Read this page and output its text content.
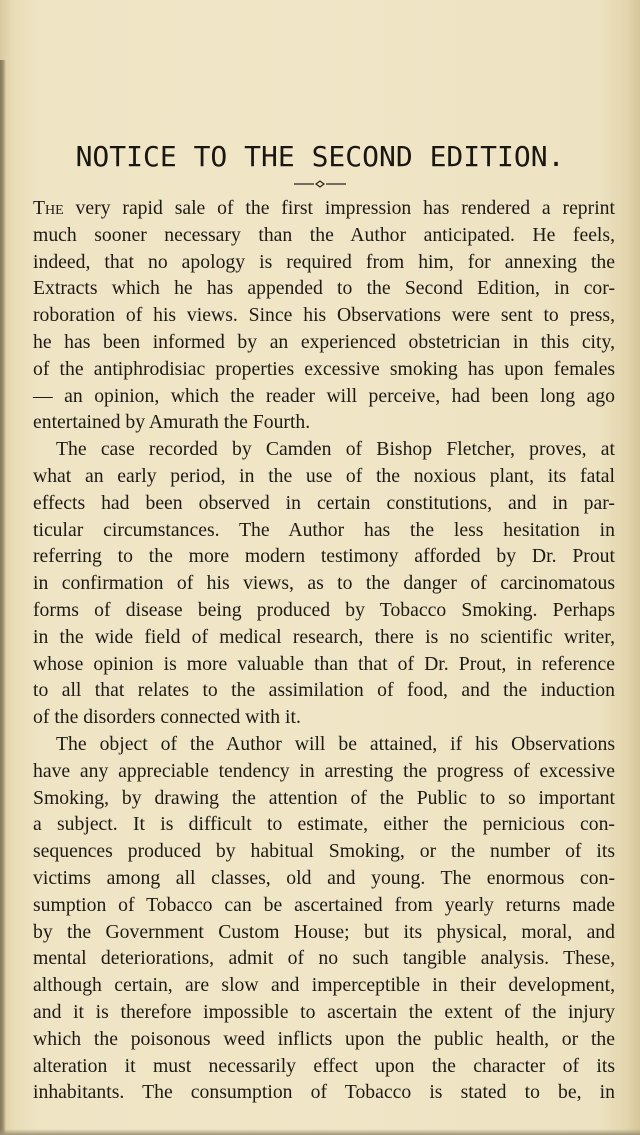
NOTICE TO THE SECOND EDITION.
The very rapid sale of the first impression has rendered a reprint
much sooner necessary than the Author anticipated. He feels,
indeed, that no apology is required from him, for annexing the
Extracts which he has appended to the Second Edition, in cor-
roboration of his views. Since his Observations were sent to press,
he has been informed by an experienced obstetrician in this city,
of the antiphrodisiac properties excessive smoking has upon females
— an opinion, which the reader will perceive, had been long ago
entertained by Amurath the Fourth.
The case recorded by Camden of Bishop Fletcher, proves, at
what an early period, in the use of the noxious plant, its fatal
effects had been observed in certain constitutions, and in par-
ticular circumstances. The Author has the less hesitation in
referring to the more modern testimony afforded by Dr. Prout
in confirmation of his views, as to the danger of carcinomatous
forms of disease being produced by Tobacco Smoking. Perhaps
in the wide field of medical research, there is no scientific writer,
whose opinion is more valuable than that of Dr. Prout, in reference
to all that relates to the assimilation of food, and the induction
of the disorders connected with it.
The object of the Author will be attained, if his Observations
have any appreciable tendency in arresting the progress of excessive
Smoking, by drawing the attention of the Public to so important
a subject. It is difficult to estimate, either the pernicious con-
sequences produced by habitual Smoking, or the number of its
victims among all classes, old and young. The enormous con-
sumption of Tobacco can be ascertained from yearly returns made
by the Government Custom House; but its physical, moral, and
mental deteriorations, admit of no such tangible analysis. These,
although certain, are slow and imperceptible in their development,
and it is therefore impossible to ascertain the extent of the injury
which the poisonous weed inflicts upon the public health, or the
alteration it must necessarily effect upon the character of its
inhabitants. The consumption of Tobacco is stated to be, in
